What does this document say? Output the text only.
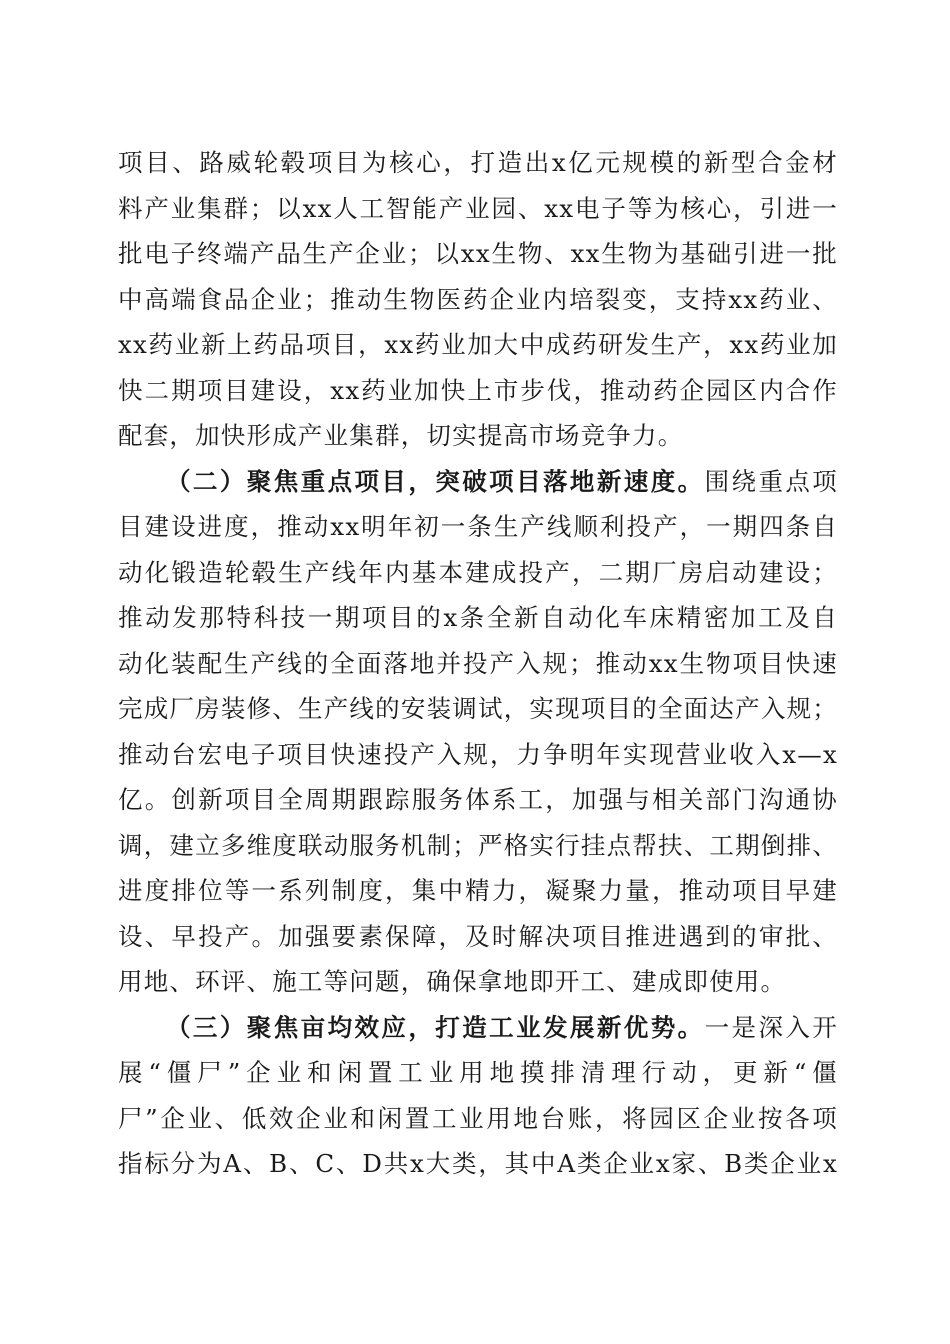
项目、路威轮毂项目为核心，打造出x亿元规模的新型合金材
料产业集群；以xx人工智能产业园、xx电子等为核心，引进一
批电子终端产品生产企业；以xx生物、xx生物为基础引进一批
中高端食品企业；推动生物医药企业内培裂变，支持xx药业、
xx药业新上药品项目，xx药业加大中成药研发生产，xx药业加
快二期项目建设，xx药业加快上市步伐，推动药企园区内合作
配套，加快形成产业集群，切实提高市场竞争力。
（二）聚焦重点项目，突破项目落地新速度。围绕重点项
目建设进度，推动xx明年初一条生产线顺利投产，一期四条自
动化锻造轮毂生产线年内基本建成投产，二期厂房启动建设；
推动发那特科技一期项目的x条全新自动化车床精密加工及自
动化装配生产线的全面落地并投产入规；推动xx生物项目快速
完成厂房装修、生产线的安装调试，实现项目的全面达产入规；
推动台宏电子项目快速投产入规，力争明年实现营业收入x—x
亿。创新项目全周期跟踪服务体系工，加强与相关部门沟通协
调，建立多维度联动服务机制；严格实行挂点帮扶、工期倒排、
进度排位等一系列制度，集中精力，凝聚力量，推动项目早建
设、早投产。加强要素保障，及时解决项目推进遇到的审批、
用地、环评、施工等问题，确保拿地即开工、建成即使用。
（三）聚焦亩均效应，打造工业发展新优势。一是深入开
展“僵尸”企业和闲置工业用地摸排清理行动，更新“僵
尸”企业、低效企业和闲置工业用地台账，将园区企业按各项
指标分为A、B、C、D共x大类，其中A类企业x家、B类企业x
